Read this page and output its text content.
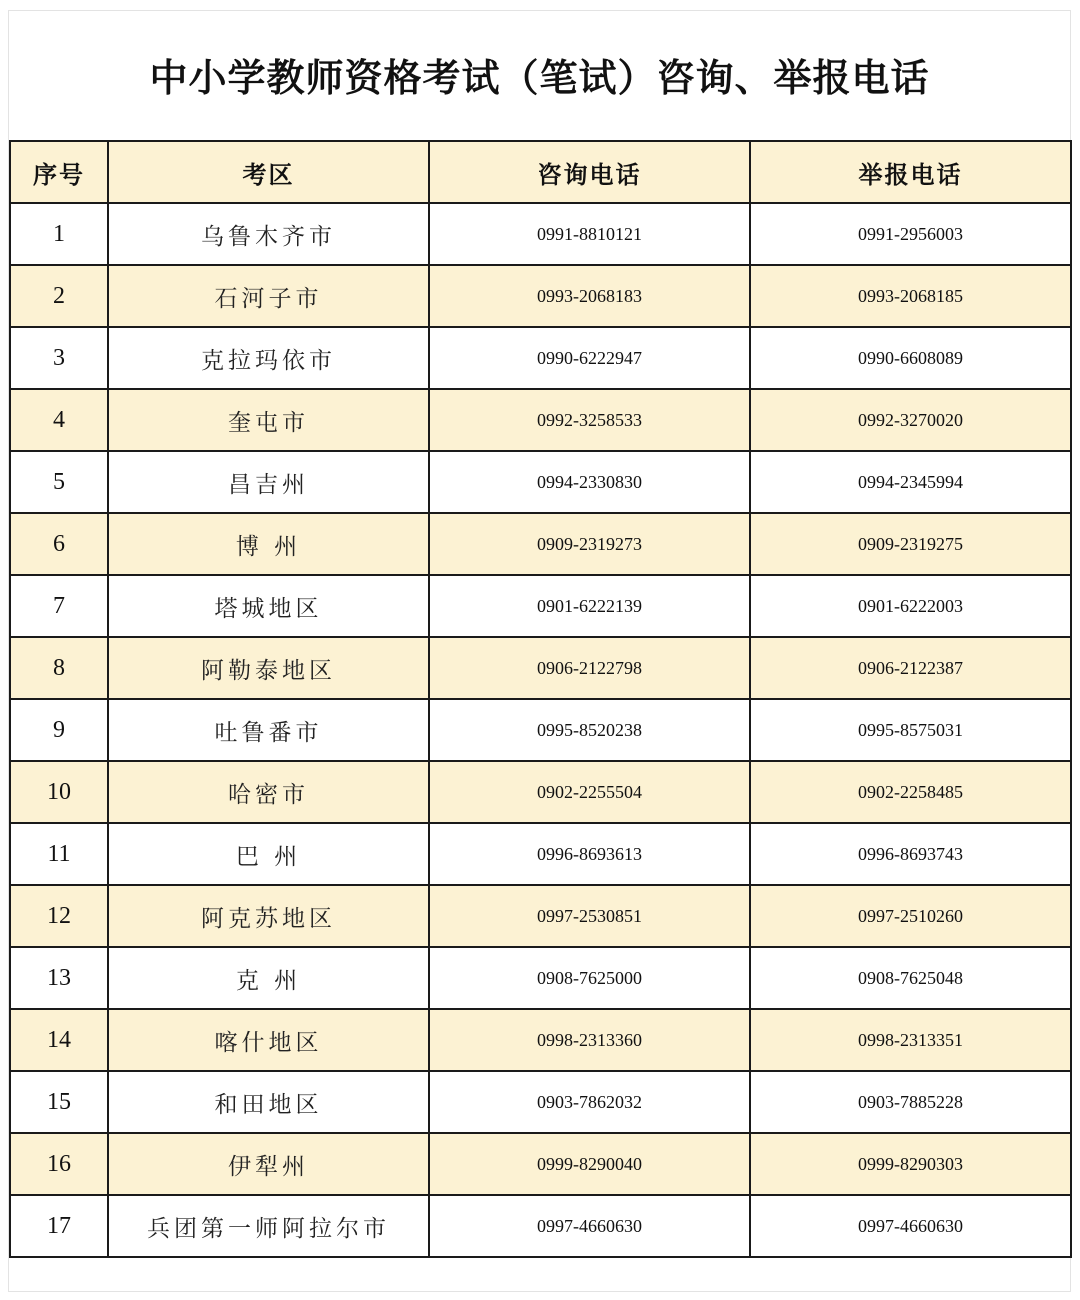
中小学教师资格考试（笔试）咨询、举报电话
序号	考区	咨询电话	举报电话
1	乌鲁木齐市	0991-8810121	0991-2956003
2	石河子市	0993-2068183	0993-2068185
3	克拉玛依市	0990-6222947	0990-6608089
4	奎屯市	0992-3258533	0992-3270020
5	昌吉州	0994-2330830	0994-2345994
6	博 州	0909-2319273	0909-2319275
7	塔城地区	0901-6222139	0901-6222003
8	阿勒泰地区	0906-2122798	0906-2122387
9	吐鲁番市	0995-8520238	0995-8575031
10	哈密市	0902-2255504	0902-2258485
11	巴 州	0996-8693613	0996-8693743
12	阿克苏地区	0997-2530851	0997-2510260
13	克 州	0908-7625000	0908-7625048
14	喀什地区	0998-2313360	0998-2313351
15	和田地区	0903-7862032	0903-7885228
16	伊犁州	0999-8290040	0999-8290303
17	兵团第一师阿拉尔市	0997-4660630	0997-4660630
